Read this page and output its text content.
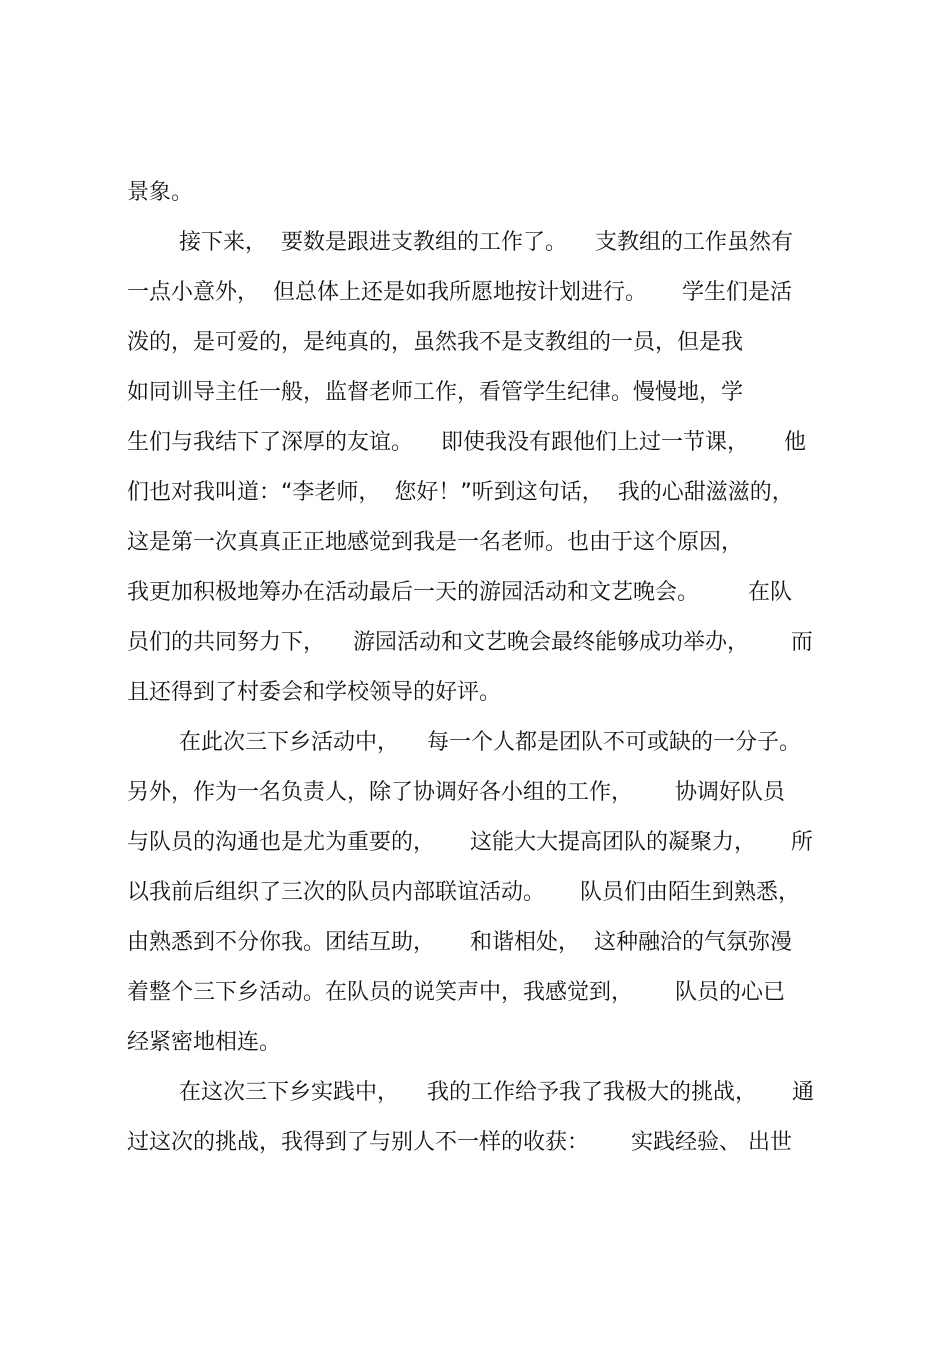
景象。
接下来，  要数是跟进支教组的工作了。    支教组的工作虽然有
一点小意外，  但总体上还是如我所愿地按计划进行。     学生们是活
泼的，是可爱的，是纯真的，虽然我不是支教组的一员，但是我
如同训导主任一般，监督老师工作，看管学生纪律。慢慢地，学
生们与我结下了深厚的友谊。    即使我没有跟他们上过一节课，     他
们也对我叫道：“李老师，  您好！”听到这句话，  我的心甜滋滋的，
这是第一次真真正正地感觉到我是一名老师。也由于这个原因，
我更加积极地筹办在活动最后一天的游园活动和文艺晚会。       在队
员们的共同努力下，    游园活动和文艺晚会最终能够成功举办，      而
且还得到了村委会和学校领导的好评。
在此次三下乡活动中，    每一个人都是团队不可或缺的一分子。
另外，作为一名负责人，除了协调好各小组的工作，      协调好队员
与队员的沟通也是尤为重要的，     这能大大提高团队的凝聚力，     所
以我前后组织了三次的队员内部联谊活动。     队员们由陌生到熟悉，
由熟悉到不分你我。团结互助，     和谐相处，  这种融洽的气氛弥漫
着整个三下乡活动。在队员的说笑声中，我感觉到，      队员的心已
经紧密地相连。
在这次三下乡实践中，    我的工作给予我了我极大的挑战，     通
过这次的挑战，我得到了与别人不一样的收获：      实践经验、 出世
